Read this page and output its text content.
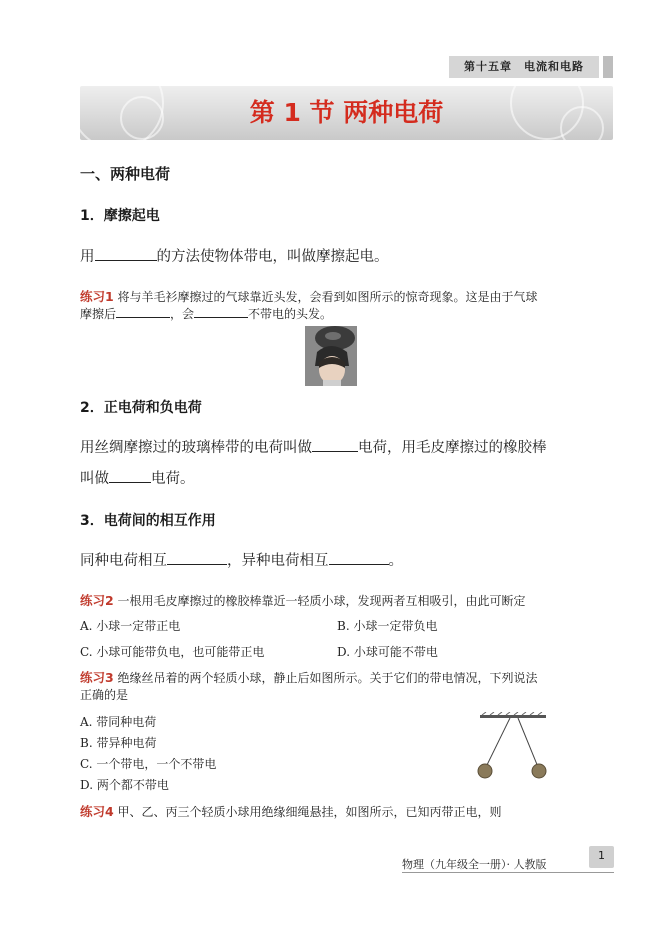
第十五章　电流和电路
第 1 节 两种电荷
一、两种电荷
1．摩擦起电
用	的方法使物体带电，叫做摩擦起电。
练习1 将与羊毛衫摩擦过的气球靠近头发，会看到如图所示的惊奇现象。这是由于气球
摩擦后	，会	不带电的头发。
2．正电荷和负电荷
用丝绸摩擦过的玻璃棒带的电荷叫做	电荷，用毛皮摩擦过的橡胶棒
叫做	电荷。
3．电荷间的相互作用
同种电荷相互	，异种电荷相互	。
练习2 一根用毛皮摩擦过的橡胶棒靠近一轻质小球，发现两者互相吸引，由此可断定
A. 小球一定带正电	B. 小球一定带负电
C. 小球可能带负电，也可能带正电	D. 小球可能不带电
练习3 绝缘丝吊着的两个轻质小球，静止后如图所示。关于它们的带电情况，下列说法
正确的是
A. 带同种电荷
B. 带异种电荷
C. 一个带电，一个不带电
D. 两个都不带电
练习4 甲、乙、丙三个轻质小球用绝缘细绳悬挂，如图所示，已知丙带正电，则
物理（九年级全一册）· 人教版
1
